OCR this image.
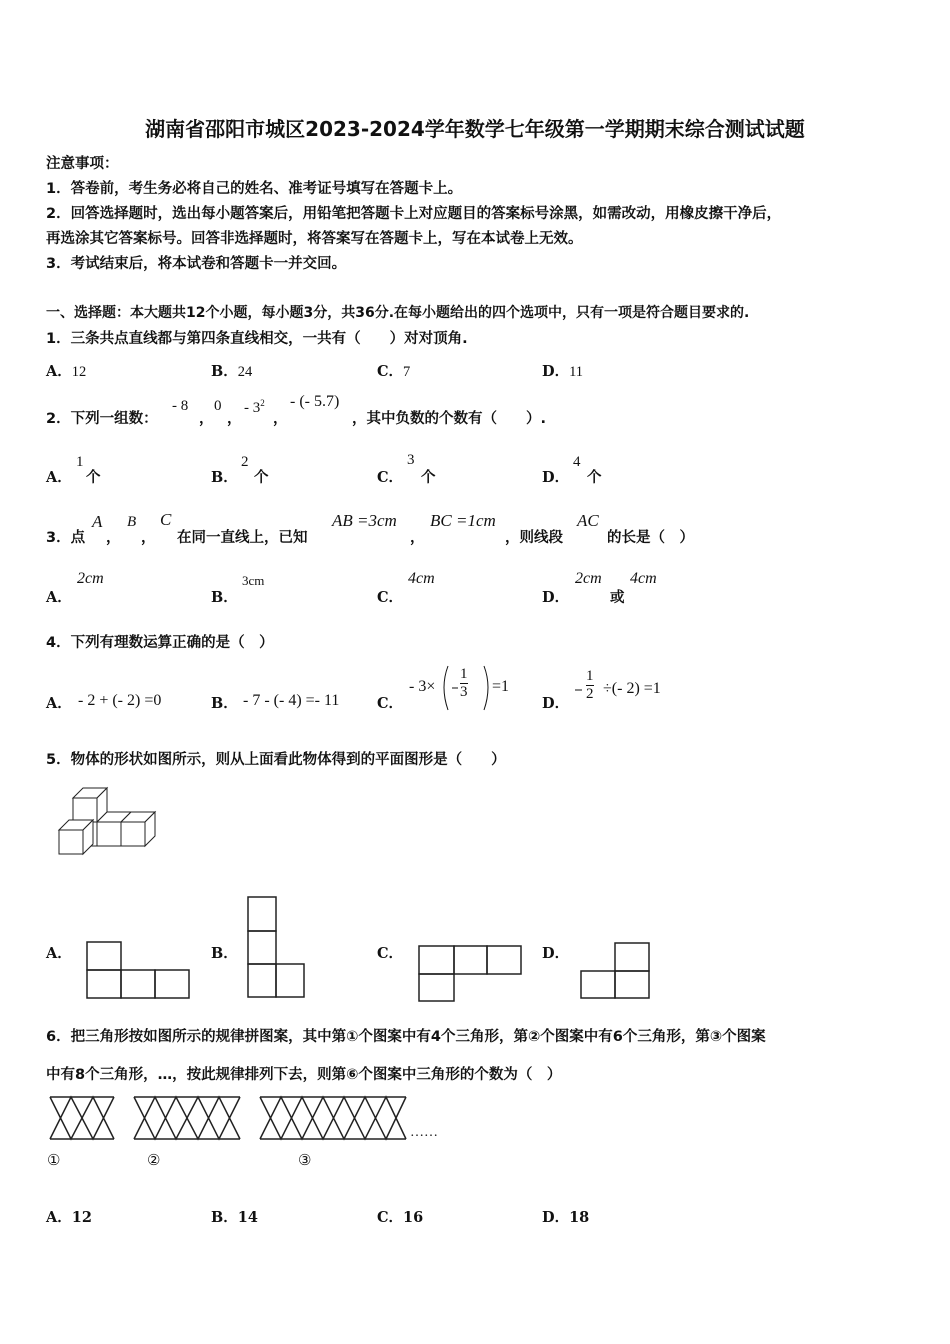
湖南省邵阳市城区2023-2024学年数学七年级第一学期期末综合测试试题
注意事项：
1．答卷前，考生务必将自己的姓名、准考证号填写在答题卡上。
2．回答选择题时，选出每小题答案后，用铅笔把答题卡上对应题目的答案标号涂黑，如需改动，用橡皮擦干净后，
再选涂其它答案标号。回答非选择题时，将答案写在答题卡上，写在本试卷上无效。
3．考试结束后，将本试卷和答题卡一并交回。
一、选择题：本大题共12个小题，每小题3分，共36分.在每小题给出的四个选项中，只有一项是符合题目要求的.
1．三条共点直线都与第四条直线相交，一共有（　　）对对顶角.
A．12	B．24	C．7	D．11
2．下列一组数：
- 8
，
0
，
- $3^2$
，
- (- 5.7)
，其中负数的个数有（　　）.
A．
1
个	B．
2
个	C．
3
个	D．
4
个
3．点
A
，
B
，
C
在同一直线上，已知
AB =3cm
，
BC =1cm
，则线段
AC
的长是（　）
A．
2cm
B．
3cm
C．
4cm
D．
2cm
或
4cm
4．下列有理数运算正确的是（　）
A． - 2 + (- 2) =0	B． - 7 - (- 4) =- 11	C．
- $3\times \frac{1}{3} =1$
D．
$\frac{1}{2}$ ÷(- 2) =1
5．物体的形状如图所示，则从上面看此物体得到的平面图形是（　　）
A．	B．	C．	D．
6．把三角形按如图所示的规律拼图案，其中第①个图案中有4个三角形，第②个图案中有6个三角形，第③个图案
中有8个三角形，…，按此规律排列下去，则第⑥个图案中三角形的个数为（　）
……
①	②	③
A．12	B．14	C．16	D．18
